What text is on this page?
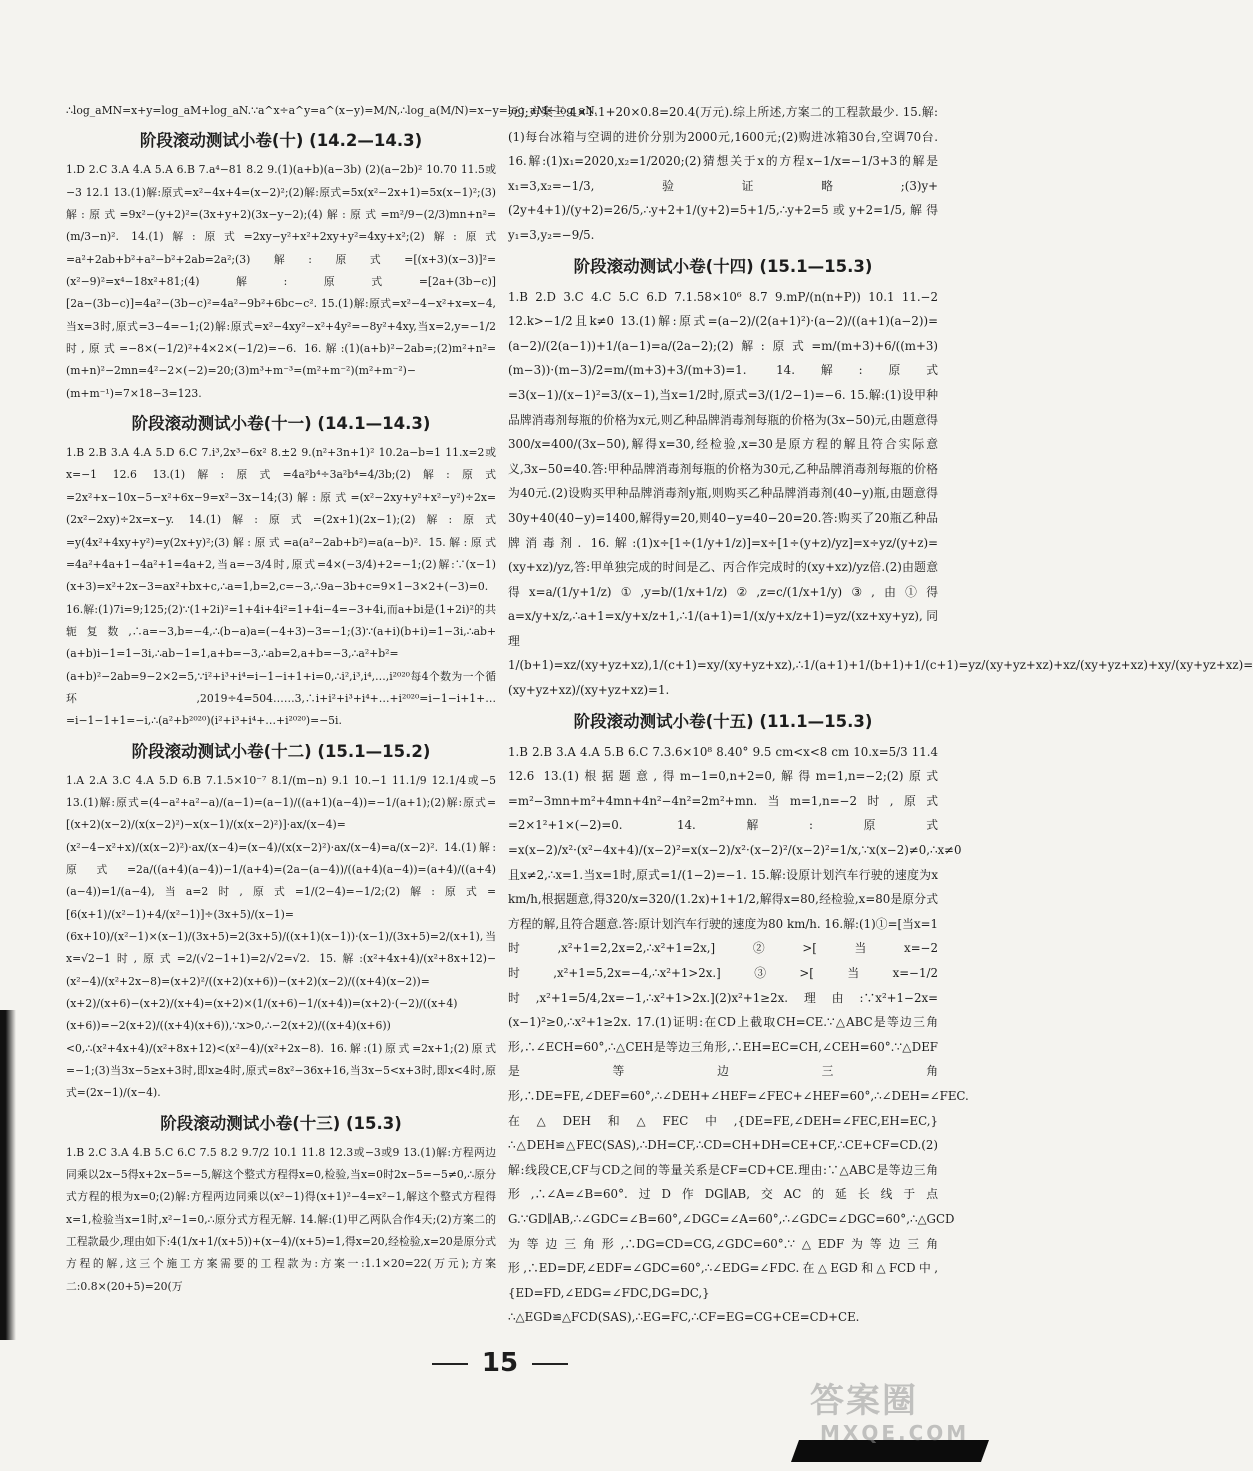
∴log_aMN=x+y=log_aM+log_aN.∵a^x÷a^y=a^(x−y)=M/N,∴log_a(M/N)=x−y=log_aM−log_aN.
阶段滚动测试小卷(十) (14.2—14.3)
1.D 2.C 3.A 4.A 5.A 6.B 7.a⁴−81 8.2 9.(1)(a+b)(a−3b) (2)(a−2b)² 10.70 11.5或−3 12.1 13.(1)解:原式=x²−4x+4=(x−2)²;(2)解:原式=5x(x²−2x+1)=5x(x−1)²;(3)解:原式=9x²−(y+2)²=(3x+y+2)(3x−y−2);(4)解:原式=m²/9−(2/3)mn+n²=(m/3−n)². 14.(1)解:原式=2xy−y²+x²+2xy+y²=4xy+x²;(2)解:原式=a²+2ab+b²+a²−b²+2ab=2a²;(3)解:原式=[(x+3)(x−3)]²=(x²−9)²=x⁴−18x²+81;(4)解:原式=[2a+(3b−c)][2a−(3b−c)]=4a²−(3b−c)²=4a²−9b²+6bc−c². 15.(1)解:原式=x²−4−x²+x=x−4,当x=3时,原式=3−4=−1;(2)解:原式=x²−4xy²−x²+4y²=−8y²+4xy,当x=2,y=−1/2时,原式=−8×(−1/2)²+4×2×(−1/2)=−6. 16.解:(1)(a+b)²−2ab=;(2)m²+n²=(m+n)²−2mn=4²−2×(−2)=20;(3)m³+m⁻³=(m²+m⁻²)(m²+m⁻²)−(m+m⁻¹)=7×18−3=123.
阶段滚动测试小卷(十一) (14.1—14.3)
1.B 2.B 3.A 4.A 5.D 6.C 7.i³,2x³−6x² 8.±2 9.(n²+3n+1)² 10.2a−b=1 11.x=2或x=−1 12.6 13.(1)解:原式=4a²b⁴÷3a²b⁴=4/3b;(2)解:原式=2x²+x−10x−5−x²+6x−9=x²−3x−14;(3)解:原式=(x²−2xy+y²+x²−y²)÷2x=(2x²−2xy)÷2x=x−y. 14.(1)解:原式=(2x+1)(2x−1);(2)解:原式=y(4x²+4xy+y²)=y(2x+y)²;(3)解:原式=a(a²−2ab+b²)=a(a−b)². 15.解:原式=4a²+4a+1−4a²+1=4a+2,当a=−3/4时,原式=4×(−3/4)+2=−1;(2)解:∵(x−1)(x+3)=x²+2x−3=ax²+bx+c,∴a=1,b=2,c=−3,∴9a−3b+c=9×1−3×2+(−3)=0. 16.解:(1)7i=9;125;(2)∵(1+2i)²=1+4i+4i²=1+4i−4=−3+4i,而a+bi是(1+2i)²的共轭复数,∴a=−3,b=−4,∴(b−a)a=(−4+3)−3=−1;(3)∵(a+i)(b+i)=1−3i,∴ab+(a+b)i−1=1−3i,∴ab−1=1,a+b=−3,∴ab=2,a+b=−3,∴a²+b²=(a+b)²−2ab=9−2×2=5,∵i²+i³+i⁴=i−1−i+1+i=0,∴i²,i³,i⁴,…,i²⁰²⁰每4个数为一个循环,2019÷4=504……3,∴i+i²+i³+i⁴+…+i²⁰²⁰=i−1−i+1+…=i−1−1+1=−i,∴(a²+b²⁰²⁰)(i²+i³+i⁴+…+i²⁰²⁰)=−5i.
阶段滚动测试小卷(十二) (15.1—15.2)
1.A 2.A 3.C 4.A 5.D 6.B 7.1.5×10⁻⁷ 8.1/(m−n) 9.1 10.−1 11.1/9 12.1/4或−5 13.(1)解:原式=(4−a²+a²−a)/(a−1)=(a−1)/((a+1)(a−4))=−1/(a+1);(2)解:原式=[(x+2)(x−2)/(x(x−2)²)−x(x−1)/(x(x−2)²)]·ax/(x−4)=(x²−4−x²+x)/(x(x−2)²)·ax/(x−4)=(x−4)/(x(x−2)²)·ax/(x−4)=a/(x−2)². 14.(1)解:原式=2a/((a+4)(a−4))−1/(a+4)=(2a−(a−4))/((a+4)(a−4))=(a+4)/((a+4)(a−4))=1/(a−4),当a=2时,原式=1/(2−4)=−1/2;(2)解:原式=[6(x+1)/(x²−1)+4/(x²−1)]÷(3x+5)/(x−1)=(6x+10)/(x²−1)×(x−1)/(3x+5)=2(3x+5)/((x+1)(x−1))·(x−1)/(3x+5)=2/(x+1),当x=√2−1时,原式=2/(√2−1+1)=2/√2=√2. 15.解:(x²+4x+4)/(x²+8x+12)−(x²−4)/(x²+2x−8)=(x+2)²/((x+2)(x+6))−(x+2)(x−2)/((x+4)(x−2))=(x+2)/(x+6)−(x+2)/(x+4)=(x+2)×(1/(x+6)−1/(x+4))=(x+2)·(−2)/((x+4)(x+6))=−2(x+2)/((x+4)(x+6)),∵x>0,∴−2(x+2)/((x+4)(x+6))<0,∴(x²+4x+4)/(x²+8x+12)<(x²−4)/(x²+2x−8). 16.解:(1)原式=2x+1;(2)原式=−1;(3)当3x−5≥x+3时,即x≥4时,原式=8x²−36x+16,当3x−5<x+3时,即x<4时,原式=(2x−1)/(x−4).
阶段滚动测试小卷(十三) (15.3)
1.B 2.C 3.A 4.B 5.C 6.C 7.5 8.2 9.7/2 10.1 11.8 12.3或−3或9 13.(1)解:方程两边同乘以2x−5得x+2x−5=−5,解这个整式方程得x=0,检验,当x=0时2x−5=−5≠0,∴原分式方程的根为x=0;(2)解:方程两边同乘以(x²−1)得(x+1)²−4=x²−1,解这个整式方程得x=1,检验当x=1时,x²−1=0,∴原分式方程无解. 14.解:(1)甲乙两队合作4天;(2)方案二的工程款最少,理由如下:4(1/x+1/(x+5))+(x−4)/(x+5)=1,得x=20,经检验,x=20是原分式方程的解,这三个施工方案需要的工程款为:方案一:1.1×20=22(万元);方案二:0.8×(20+5)=20(万
元);方案三:4×1.1+20×0.8=20.4(万元).综上所述,方案二的工程款最少. 15.解:(1)每台冰箱与空调的进价分别为2000元,1600元;(2)购进冰箱30台,空调70台. 16.解:(1)x₁=2020,x₂=1/2020;(2)猜想关于x的方程x−1/x=−1/3+3的解是x₁=3,x₂=−1/3,验证略;(3)y+(2y+4+1)/(y+2)=26/5,∴y+2+1/(y+2)=5+1/5,∴y+2=5或y+2=1/5,解得y₁=3,y₂=−9/5.
阶段滚动测试小卷(十四) (15.1—15.3)
1.B 2.D 3.C 4.C 5.C 6.D 7.1.58×10⁶ 8.7 9.mP/(n(n+P)) 10.1 11.−2 12.k>−1/2且k≠0 13.(1)解:原式=(a−2)/(2(a+1)²)·(a−2)/((a+1)(a−2))=(a−2)/(2(a−1))+1/(a−1)=a/(2a−2);(2)解:原式=m/(m+3)+6/((m+3)(m−3))·(m−3)/2=m/(m+3)+3/(m+3)=1. 14.解:原式=3(x−1)/(x−1)²=3/(x−1),当x=1/2时,原式=3/(1/2−1)=−6. 15.解:(1)设甲种品牌消毒剂每瓶的价格为x元,则乙种品牌消毒剂每瓶的价格为(3x−50)元,由题意得300/x=400/(3x−50),解得x=30,经检验,x=30是原方程的解且符合实际意义,3x−50=40.答:甲种品牌消毒剂每瓶的价格为30元,乙种品牌消毒剂每瓶的价格为40元.(2)设购买甲种品牌消毒剂y瓶,则购买乙种品牌消毒剂(40−y)瓶,由题意得30y+40(40−y)=1400,解得y=20,则40−y=40−20=20.答:购买了20瓶乙种品牌消毒剂. 16.解:(1)x÷[1÷(1/y+1/z)]=x÷[1÷(y+z)/yz]=x÷yz/(y+z)=(xy+xz)/yz,答:甲单独完成的时间是乙、丙合作完成时的(xy+xz)/yz倍.(2)由题意得x=a/(1/y+1/z)①,y=b/(1/x+1/z)②,z=c/(1/x+1/y)③,由①得a=x/y+x/z,∴a+1=x/y+x/z+1,∴1/(a+1)=1/(x/y+x/z+1)=yz/(xz+xy+yz),同理1/(b+1)=xz/(xy+yz+xz),1/(c+1)=xy/(xy+yz+xz),∴1/(a+1)+1/(b+1)+1/(c+1)=yz/(xy+yz+xz)+xz/(xy+yz+xz)+xy/(xy+yz+xz)=(xy+yz+xz)/(xy+yz+xz)=1.
阶段滚动测试小卷(十五) (11.1—15.3)
1.B 2.B 3.A 4.A 5.B 6.C 7.3.6×10⁸ 8.40° 9.5 cm<x<8 cm 10.x=5/3 11.4 12.6 13.(1)根据题意,得m−1=0,n+2=0,解得m=1,n=−2;(2)原式=m²−3mn+m²+4mn+4n²−4n²=2m²+mn.当m=1,n=−2时,原式=2×1²+1×(−2)=0. 14.解:原式=x(x−2)/x²·(x²−4x+4)/(x−2)²=x(x−2)/x²·(x−2)²/(x−2)²=1/x,∵x(x−2)≠0,∴x≠0且x≠2,∴x=1.当x=1时,原式=1/(1−2)=−1. 15.解:设原计划汽车行驶的速度为x km/h,根据题意,得320/x=320/(1.2x)+1+1/2,解得x=80,经检验,x=80是原分式方程的解,且符合题意.答:原计划汽车行驶的速度为80 km/h. 16.解:(1)①=[当x=1时,x²+1=2,2x=2,∴x²+1=2x,]②>[当x=−2时,x²+1=5,2x=−4,∴x²+1>2x.]③>[当x=−1/2时,x²+1=5/4,2x=−1,∴x²+1>2x.](2)x²+1≥2x.理由:∵x²+1−2x=(x−1)²≥0,∴x²+1≥2x. 17.(1)证明:在CD上截取CH=CE.∵△ABC是等边三角形,∴∠ECH=60°,∴△CEH是等边三角形,∴EH=EC=CH,∠CEH=60°.∵△DEF是等边三角形,∴DE=FE,∠DEF=60°,∴∠DEH+∠HEF=∠FEC+∠HEF=60°,∴∠DEH=∠FEC.在△DEH和△FEC中,{DE=FE,∠DEH=∠FEC,EH=EC,}∴△DEH≌△FEC(SAS),∴DH=CF,∴CD=CH+DH=CE+CF,∴CE+CF=CD.(2)解:线段CE,CF与CD之间的等量关系是CF=CD+CE.理由:∵△ABC是等边三角形,∴∠A=∠B=60°.过D作DG∥AB,交AC的延长线于点G.∵GD∥AB,∴∠GDC=∠B=60°,∠DGC=∠A=60°,∴∠GDC=∠DGC=60°,∴△GCD为等边三角形,∴DG=CD=CG,∠GDC=60°.∵△EDF为等边三角形,∴ED=DF,∠EDF=∠GDC=60°,∴∠EDG=∠FDC.在△EGD和△FCD中,{ED=FD,∠EDG=∠FDC,DG=DC,}∴△EGD≌△FCD(SAS),∴EG=FC,∴CF=EG=CG+CE=CD+CE.
15
答案圈
MXQE.COM
